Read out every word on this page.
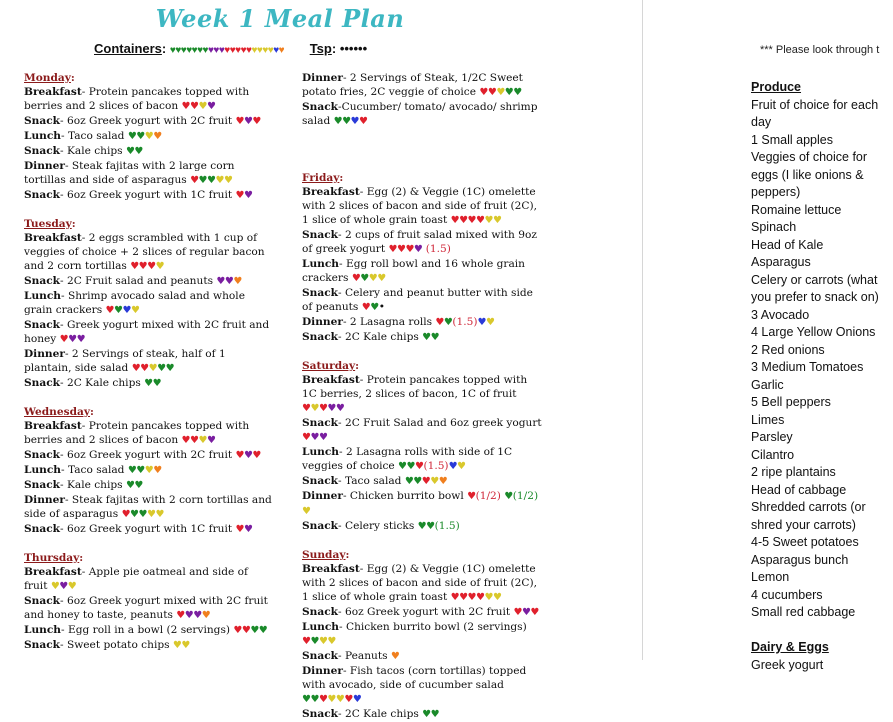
Week 1 Meal Plan
Containers: ♥♥♥♥♥♥♥♥♥♥♥♥♥♥♥♥♥♥♥♥♥ Tsp: ••••••
Monday:
Breakfast- Protein pancakes topped with berries and 2 slices of bacon ♥♥♥♥
Snack- 6oz Greek yogurt with 2C fruit ♥♥♥
Lunch- Taco salad ♥♥♥♥
Snack- Kale chips ♥♥
Dinner- Steak fajitas with 2 large corn tortillas and side of asparagus ♥♥♥♥♥
Snack- 6oz Greek yogurt with 1C fruit ♥♥
Tuesday:
Breakfast- 2 eggs scrambled with 1 cup of veggies of choice + 2 slices of regular bacon and 2 corn tortillas ♥♥♥♥
Snack- 2C Fruit salad and peanuts ♥♥♥
Lunch- Shrimp avocado salad and whole grain crackers ♥♥♥♥
Snack- Greek yogurt mixed with 2C fruit and honey ♥♥♥
Dinner- 2 Servings of steak, half of 1 plantain, side salad ♥♥♥♥♥
Snack- 2C Kale chips ♥♥
Wednesday:
Breakfast- Protein pancakes topped with berries and 2 slices of bacon ♥♥♥♥
Snack- 6oz Greek yogurt with 2C fruit ♥♥♥
Lunch- Taco salad ♥♥♥♥
Snack- Kale chips ♥♥
Dinner- Steak fajitas with 2 corn tortillas and side of asparagus ♥♥♥♥♥
Snack- 6oz Greek yogurt with 1C fruit ♥♥
Thursday:
Breakfast- Apple pie oatmeal and side of fruit ♥♥♥
Snack- 6oz Greek yogurt mixed with 2C fruit and honey to taste, peanuts ♥♥♥♥
Lunch- Egg roll in a bowl (2 servings) ♥♥♥♥
Snack- Sweet potato chips ♥♥
Dinner- 2 Servings of Steak, 1/2C Sweet potato fries, 2C veggie of choice ♥♥♥♥♥
Snack-Cucumber/ tomato/ avocado/ shrimp salad ♥♥♥♥
Friday:
Breakfast- Egg (2) & Veggie (1C) omelette with 2 slices of bacon and side of fruit (2C), 1 slice of whole grain toast ♥♥♥♥♥♥
Snack- 2 cups of fruit salad mixed with 9oz of greek yogurt ♥♥♥♥ (1.5)
Lunch- Egg roll bowl and 16 whole grain crackers ♥♥♥♥
Snack- Celery and peanut butter with side of peanuts ♥♥•
Dinner- 2 Lasagna rolls ♥♥(1.5)♥♥
Snack- 2C Kale chips ♥♥
Saturday:
Breakfast- Protein pancakes topped with 1C berries, 2 slices of bacon, 1C of fruit ♥♥♥♥♥
Snack- 2C Fruit Salad and 6oz greek yogurt ♥♥♥
Lunch- 2 Lasagna rolls with side of 1C veggies of choice ♥♥♥(1.5)♥♥
Snack- Taco salad ♥♥♥♥♥
Dinner- Chicken burrito bowl ♥(1/2) ♥(1/2) ♥
Snack- Celery sticks ♥♥(1.5)
Sunday:
Breakfast- Egg (2) & Veggie (1C) omelette with 2 slices of bacon and side of fruit (2C), 1 slice of whole grain toast ♥♥♥♥♥♥
Snack- 6oz Greek yogurt with 2C fruit ♥♥♥
Lunch- Chicken burrito bowl (2 servings) ♥♥♥♥
Snack- Peanuts ♥
Dinner- Fish tacos (corn tortillas) topped with avocado, side of cucumber salad ♥♥♥♥♥♥♥
Snack- 2C Kale chips ♥♥
*** Please look through t
Produce
Fruit of choice for each day
1 Small apples
Veggies of choice for eggs (I like onions & peppers)
Romaine lettuce
Spinach
Head of Kale
Asparagus
Celery or carrots (what you prefer to snack on)
3 Avocado
4 Large Yellow Onions
2 Red onions
3 Medium Tomatoes
Garlic
5 Bell peppers
Limes
Parsley
Cilantro
2 ripe plantains
Head of cabbage
Shredded carrots (or shred your carrots)
4-5 Sweet potatoes
Asparagus bunch
Lemon
4 cucumbers
Small red cabbage
Dairy & Eggs
Greek yogurt
